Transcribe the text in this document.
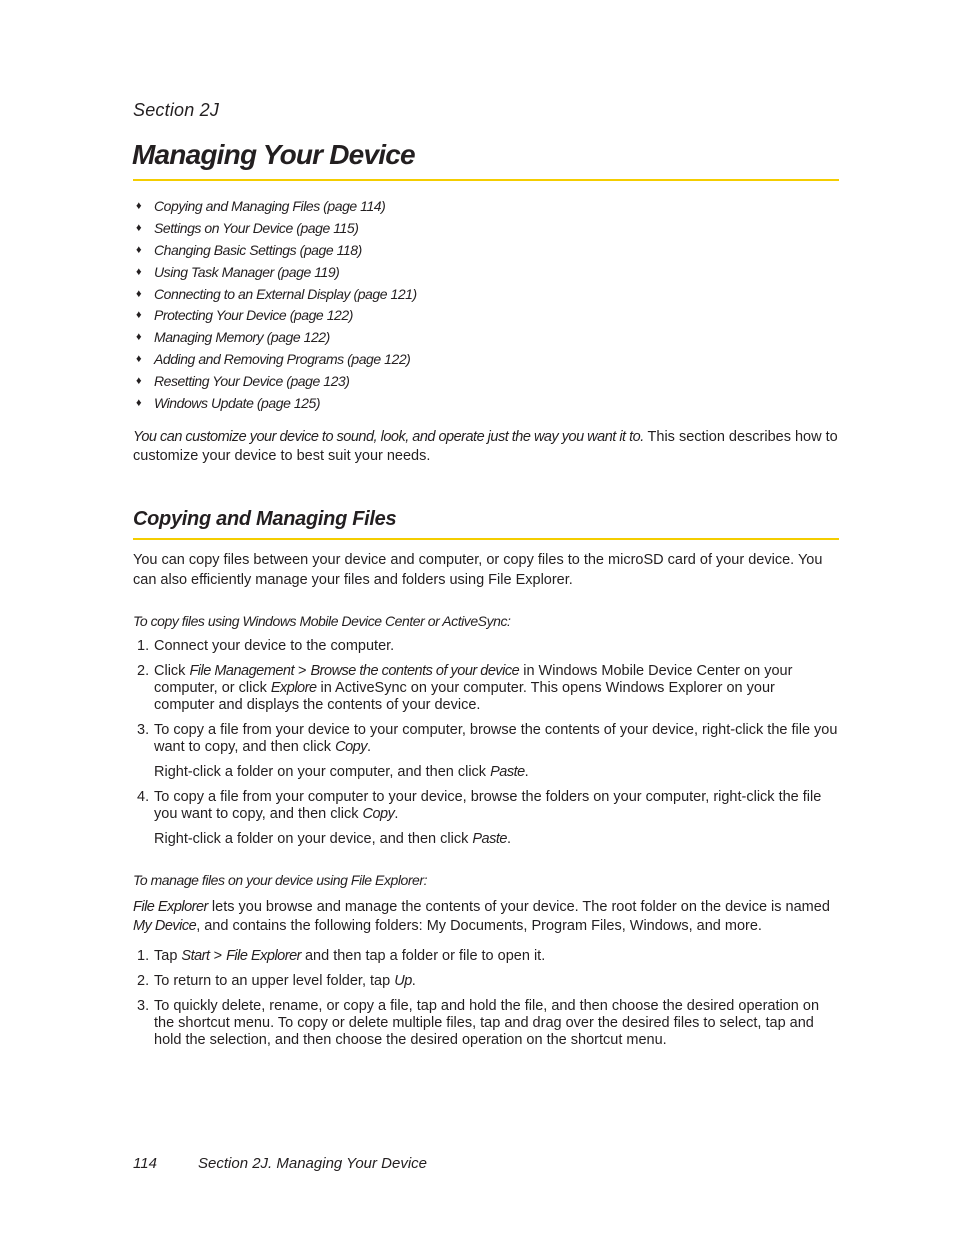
Section 2J
Managing Your Device
♦ Copying and Managing Files (page 114)
♦ Settings on Your Device (page 115)
♦ Changing Basic Settings (page 118)
♦ Using Task Manager (page 119)
♦ Connecting to an External Display (page 121)
♦ Protecting Your Device (page 122)
♦ Managing Memory (page 122)
♦ Adding and Removing Programs (page 122)
♦ Resetting Your Device (page 123)
♦ Windows Update (page 125)

You can customize your device to sound, look, and operate just the way you want it to. This section describes how to customize your device to best suit your needs.

Copying and Managing Files

You can copy files between your device and computer, or copy files to the microSD card of your device. You can also efficiently manage your files and folders using File Explorer.

To copy files using Windows Mobile Device Center or ActiveSync:

1. Connect your device to the computer.
2. Click File Management > Browse the contents of your device in Windows Mobile Device Center on your computer, or click Explore in ActiveSync on your computer. This opens Windows Explorer on your computer and displays the contents of your device.
3. To copy a file from your device to your computer, browse the contents of your device, right-click the file you want to copy, and then click Copy.
Right-click a folder on your computer, and then click Paste.
4. To copy a file from your computer to your device, browse the folders on your computer, right-click the file you want to copy, and then click Copy.
Right-click a folder on your device, and then click Paste.

To manage files on your device using File Explorer:

File Explorer lets you browse and manage the contents of your device. The root folder on the device is named My Device, and contains the following folders: My Documents, Program Files, Windows, and more.

1. Tap Start > File Explorer and then tap a folder or file to open it.
2. To return to an upper level folder, tap Up.
3. To quickly delete, rename, or copy a file, tap and hold the file, and then choose the desired operation on the shortcut menu. To copy or delete multiple files, tap and drag over the desired files to select, tap and hold the selection, and then choose the desired operation on the shortcut menu.
114	Section 2J. Managing Your Device
